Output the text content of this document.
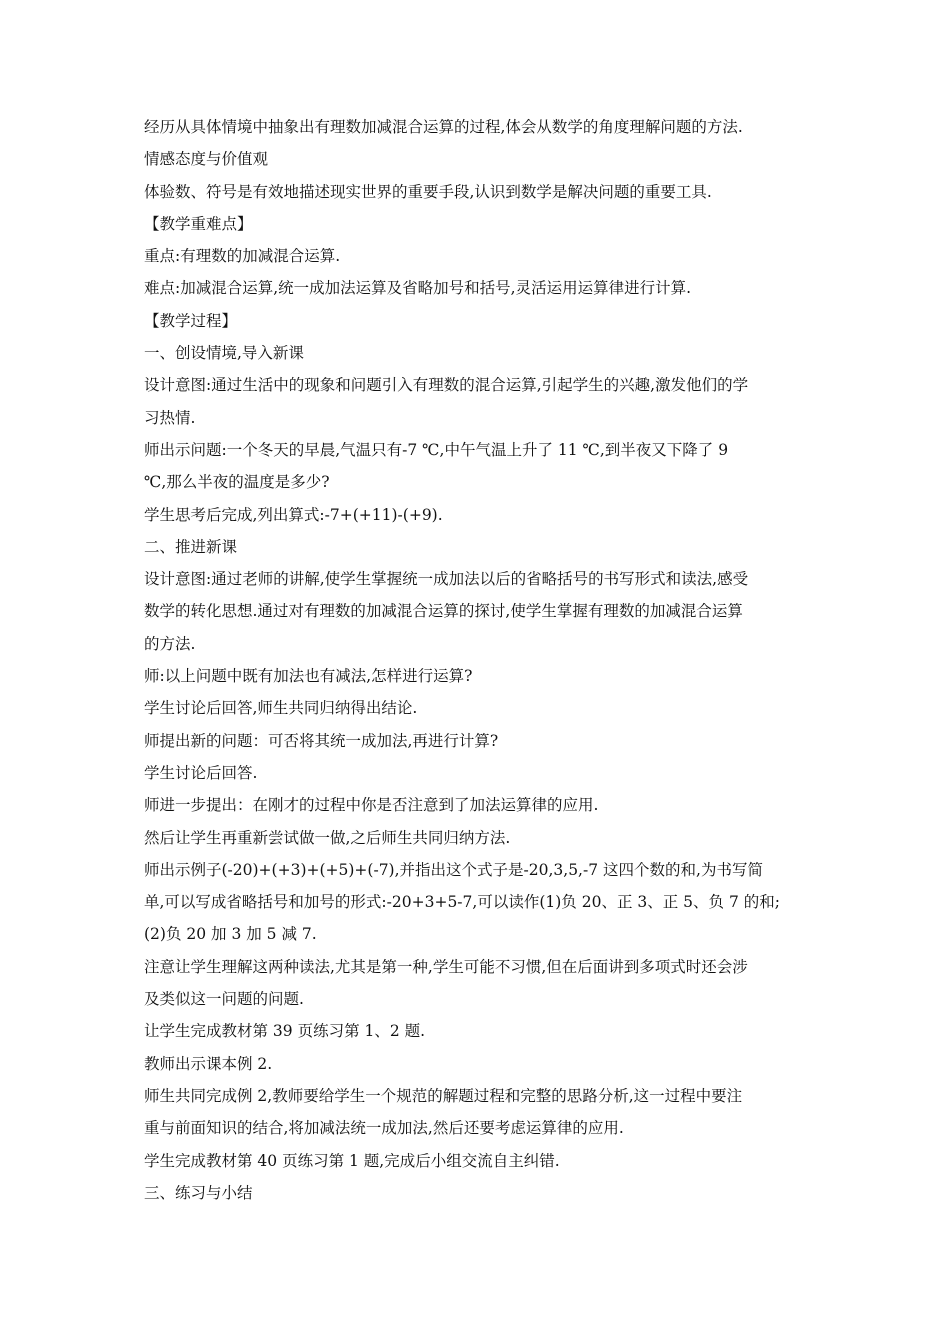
经历从具体情境中抽象出有理数加减混合运算的过程,体会从数学的角度理解问题的方法.
情感态度与价值观
体验数、符号是有效地描述现实世界的重要手段,认识到数学是解决问题的重要工具.
【教学重难点】
重点:有理数的加减混合运算.
难点:加减混合运算,统一成加法运算及省略加号和括号,灵活运用运算律进行计算.
【教学过程】
一、创设情境,导入新课
设计意图:通过生活中的现象和问题引入有理数的混合运算,引起学生的兴趣,激发他们的学
习热情.
师出示问题:一个冬天的早晨,气温只有-7 ℃,中午气温上升了 11 ℃,到半夜又下降了 9
℃,那么半夜的温度是多少?
学生思考后完成,列出算式:-7+(+11)-(+9).
二、推进新课
设计意图:通过老师的讲解,使学生掌握统一成加法以后的省略括号的书写形式和读法,感受
数学的转化思想.通过对有理数的加减混合运算的探讨,使学生掌握有理数的加减混合运算
的方法.
师:以上问题中既有加法也有减法,怎样进行运算?
学生讨论后回答,师生共同归纳得出结论.
师提出新的问题：可否将其统一成加法,再进行计算?
学生讨论后回答.
师进一步提出：在刚才的过程中你是否注意到了加法运算律的应用.
然后让学生再重新尝试做一做,之后师生共同归纳方法.
师出示例子(-20)+(+3)+(+5)+(-7),并指出这个式子是-20,3,5,-7 这四个数的和,为书写简
单,可以写成省略括号和加号的形式:-20+3+5-7,可以读作(1)负 20、正 3、正 5、负 7 的和;
(2)负 20 加 3 加 5 减 7.
注意让学生理解这两种读法,尤其是第一种,学生可能不习惯,但在后面讲到多项式时还会涉
及类似这一问题的问题.
让学生完成教材第 39 页练习第 1、2 题.
教师出示课本例 2.
师生共同完成例 2,教师要给学生一个规范的解题过程和完整的思路分析,这一过程中要注
重与前面知识的结合,将加减法统一成加法,然后还要考虑运算律的应用.
学生完成教材第 40 页练习第 1 题,完成后小组交流自主纠错.
三、练习与小结
